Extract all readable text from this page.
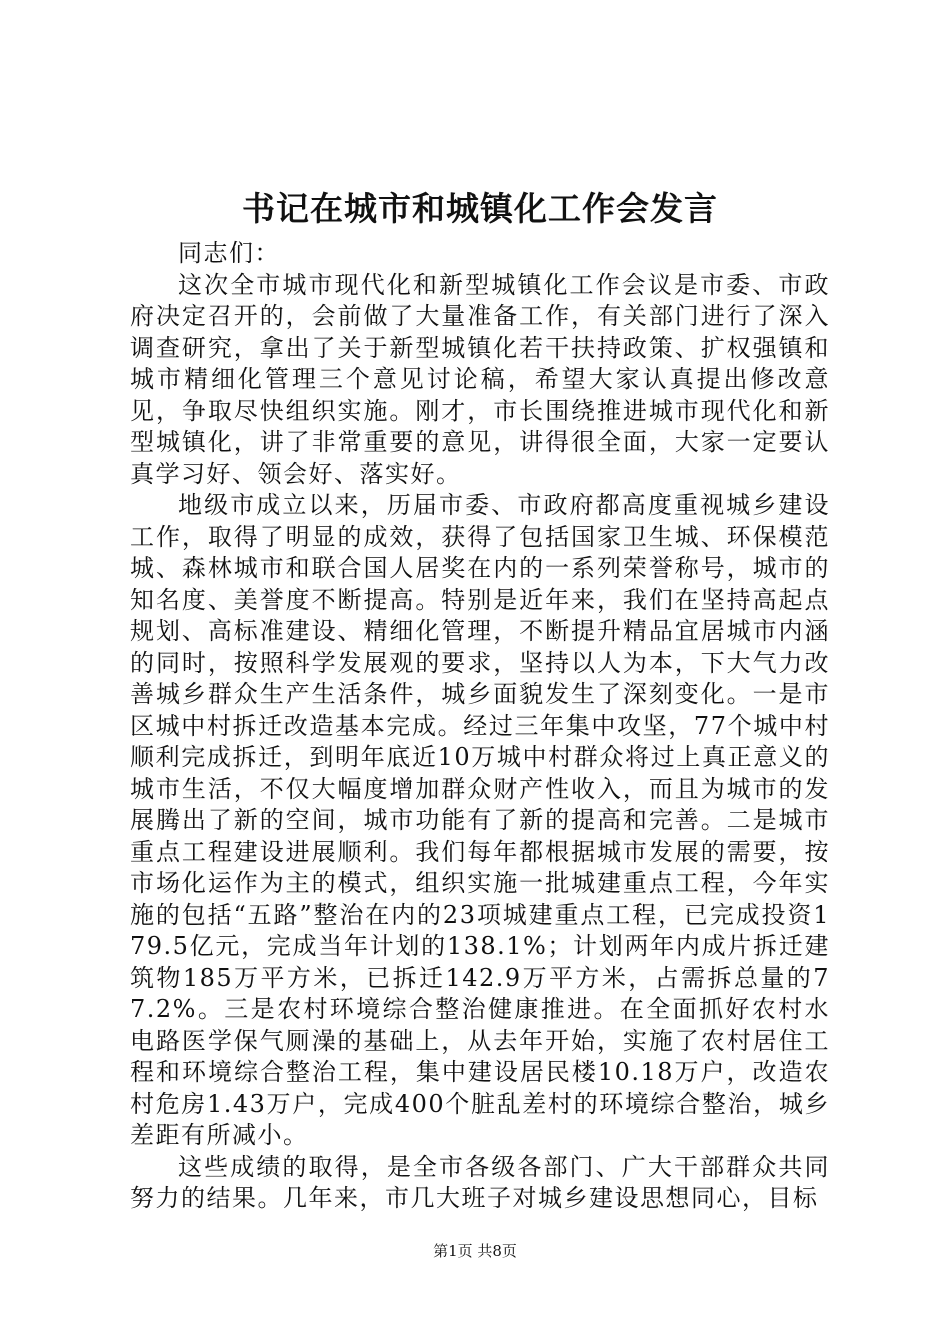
书记在城市和城镇化工作会发言

同志们：

这次全市城市现代化和新型城镇化工作会议是市委、市政府决定召开的，会前做了大量准备工作，有关部门进行了深入调查研究，拿出了关于新型城镇化若干扶持政策、扩权强镇和城市精细化管理三个意见讨论稿，希望大家认真提出修改意见，争取尽快组织实施。刚才，市长围绕推进城市现代化和新型城镇化，讲了非常重要的意见，讲得很全面，大家一定要认真学习好、领会好、落实好。

地级市成立以来，历届市委、市政府都高度重视城乡建设工作，取得了明显的成效，获得了包括国家卫生城、环保模范城、森林城市和联合国人居奖在内的一系列荣誉称号，城市的知名度、美誉度不断提高。特别是近年来，我们在坚持高起点规划、高标准建设、精细化管理，不断提升精品宜居城市内涵的同时，按照科学发展观的要求，坚持以人为本，下大气力改善城乡群众生产生活条件，城乡面貌发生了深刻变化。一是市区城中村拆迁改造基本完成。经过三年集中攻坚，77个城中村顺利完成拆迁，到明年底近10万城中村群众将过上真正意义的城市生活，不仅大幅度增加群众财产性收入，而且为城市的发展腾出了新的空间，城市功能有了新的提高和完善。二是城市重点工程建设进展顺利。我们每年都根据城市发展的需要，按市场化运作为主的模式，组织实施一批城建重点工程，今年实施的包括“五路”整治在内的23项城建重点工程，已完成投资179.5亿元，完成当年计划的138.1%；计划两年内成片拆迁建筑物185万平方米，已拆迁142.9万平方米，占需拆总量的77.2%。三是农村环境综合整治健康推进。在全面抓好农村水电路医学保气厕澡的基础上，从去年开始，实施了农村居住工程和环境综合整治工程，集中建设居民楼10.18万户，改造农村危房1.43万户，完成400个脏乱差村的环境综合整治，城乡差距有所减小。

这些成绩的取得，是全市各级各部门、广大干部群众共同努力的结果。几年来，市几大班子对城乡建设思想同心，目标

第1页 共8页
